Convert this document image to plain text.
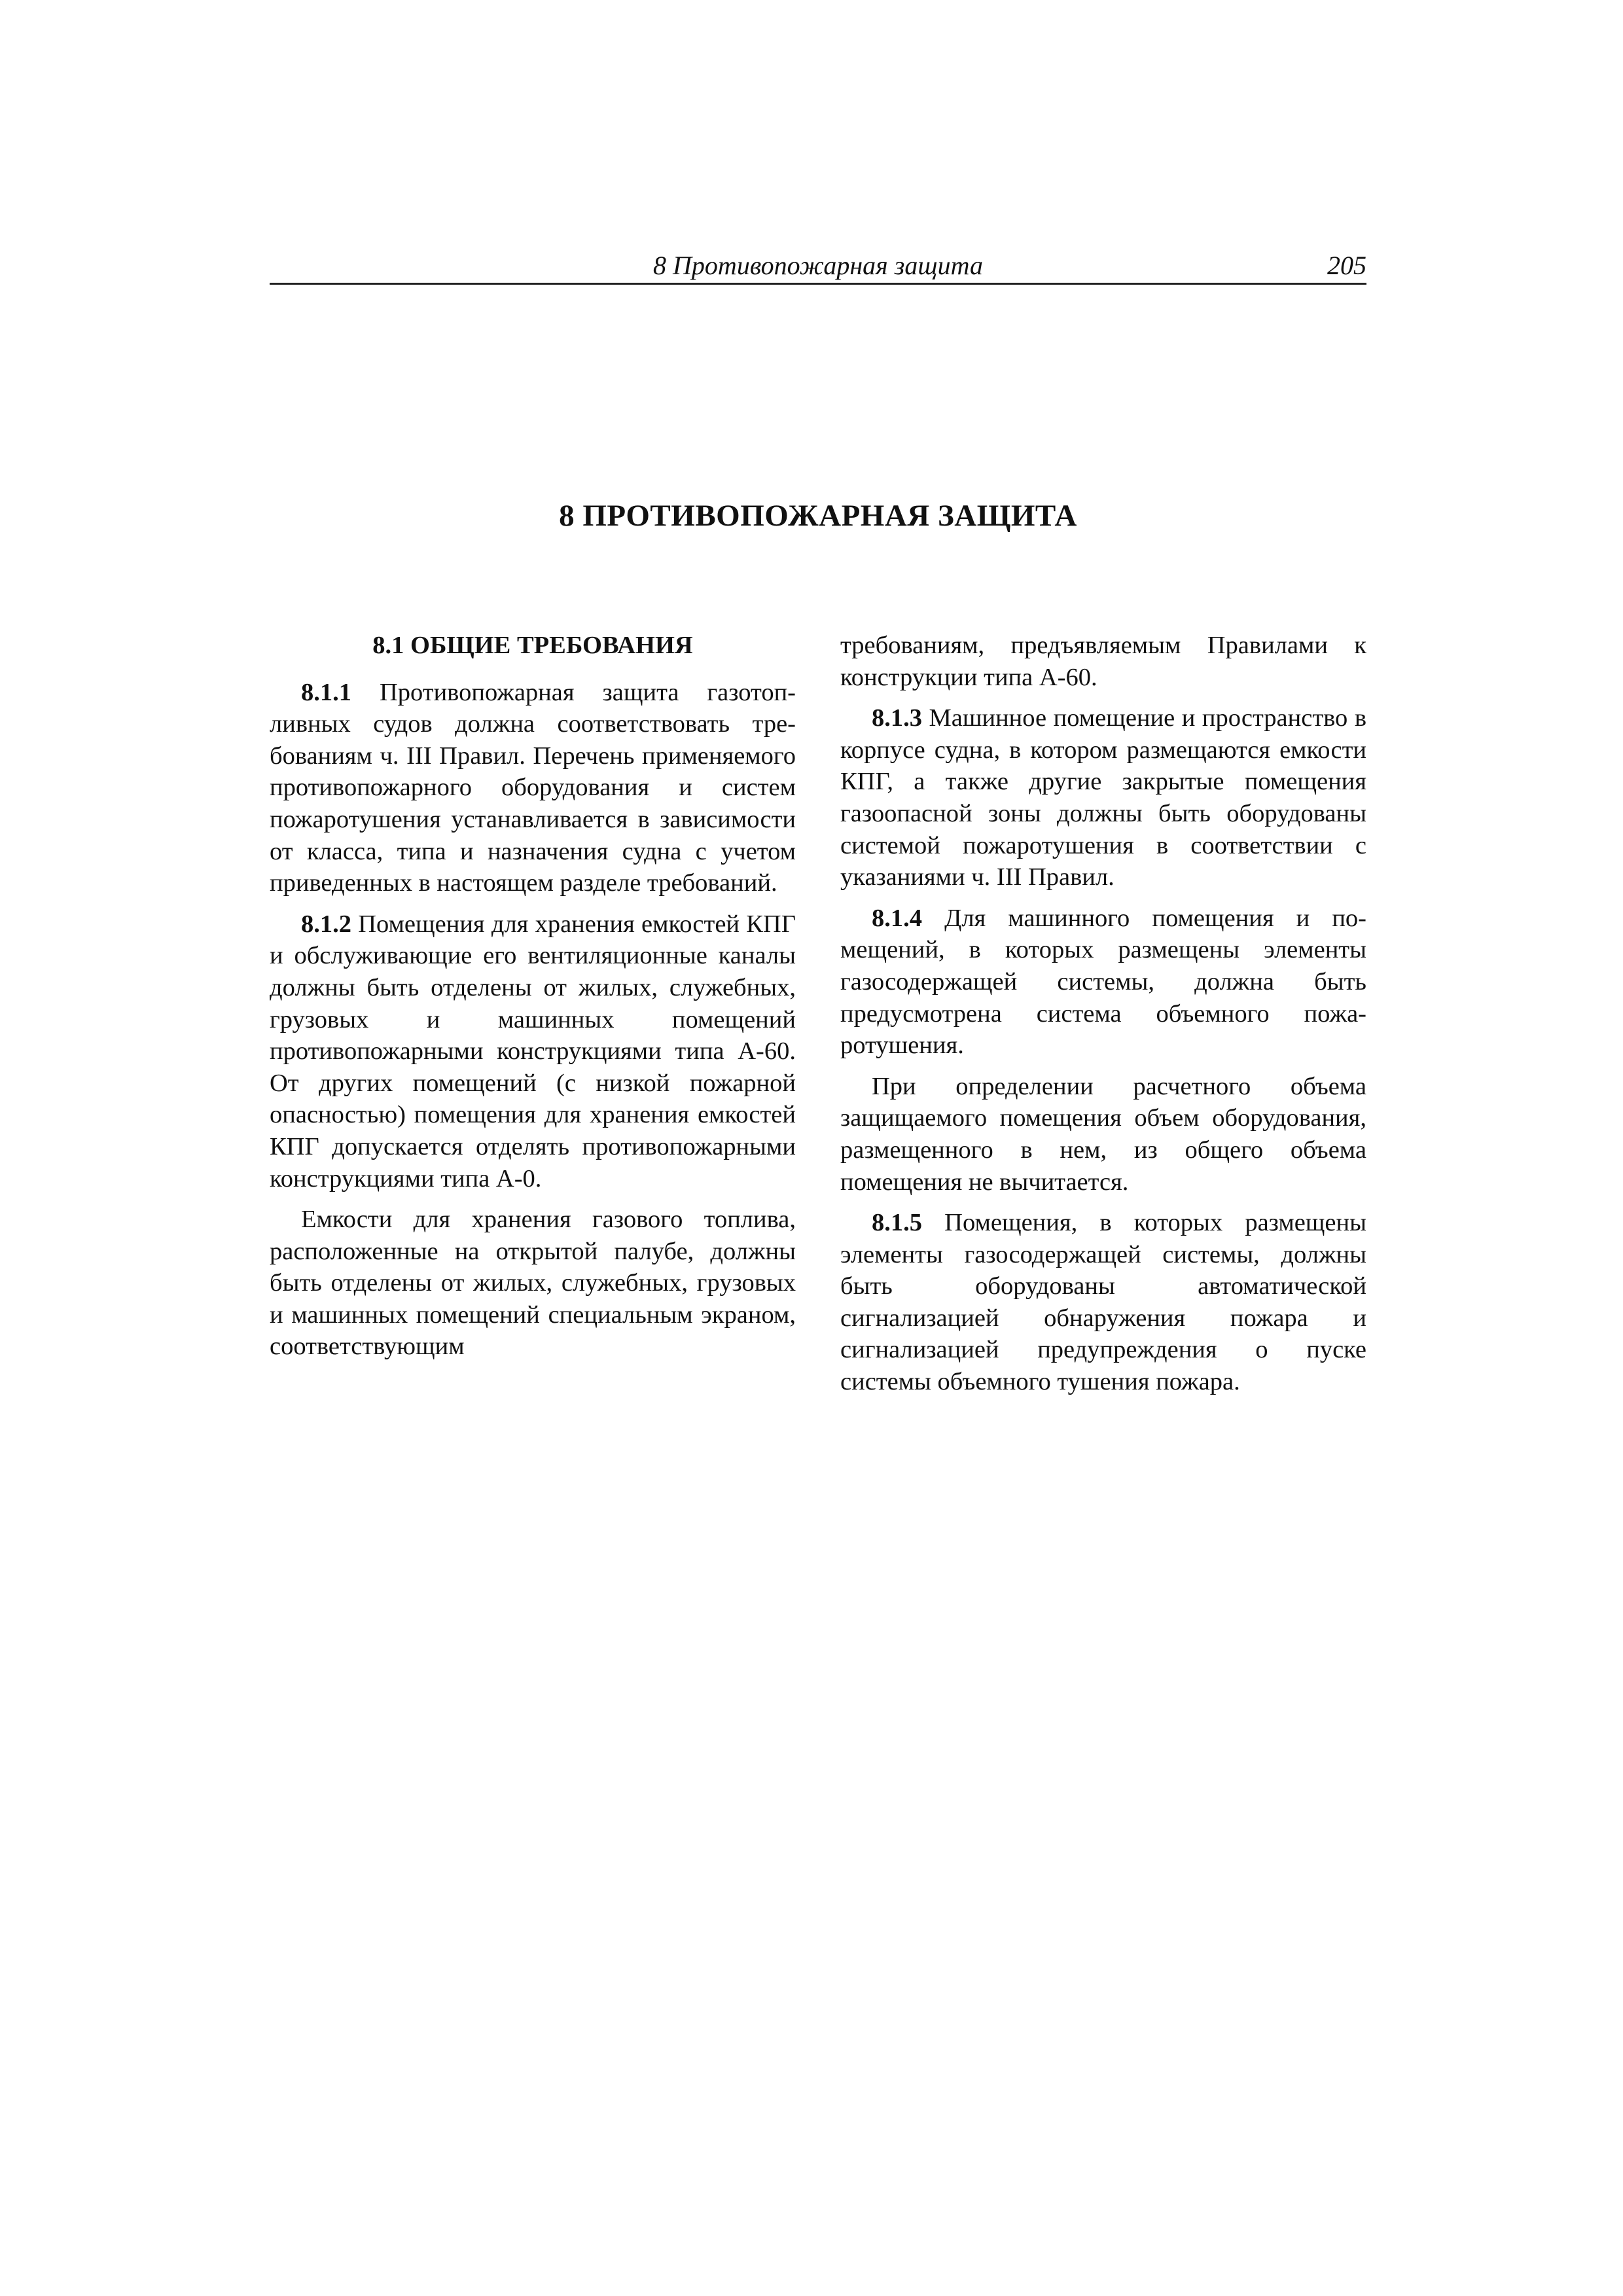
8 Противопожарная защита	205
8 ПРОТИВОПОЖАРНАЯ ЗАЩИТА
8.1 ОБЩИЕ ТРЕБОВАНИЯ

8.1.1 Противопожарная защита газотопливных судов должна соответствовать требованиям ч. III Правил. Перечень применяемого противопожарного оборудования и систем пожаротушения устанавливается в зависимости от класса, типа и назначения судна с учетом приведенных в настоящем разделе требований.

8.1.2 Помещения для хранения емкостей КПГ и обслуживающие его вентиляционные каналы должны быть отделены от жилых, служебных, грузовых и машинных помещений противопожарными конструкциями типа А-60. От других помещений (с низкой пожарной опасностью) помещения для хранения емкостей КПГ допускается отделять противопожарными конструкциями типа А-0.

Емкости для хранения газового топлива, расположенные на открытой палубе, должны быть отделены от жилых, служебных, грузовых и машинных помещений специальным экраном, соответствующим

требованиям, предъявляемым Правилами к конструкции типа А-60.

8.1.3 Машинное помещение и пространство в корпусе судна, в котором размещаются емкости КПГ, а также другие закрытые помещения газоопасной зоны должны быть оборудованы системой пожаротушения в соответствии с указаниями ч. III Правил.

8.1.4 Для машинного помещения и помещений, в которых размещены элементы газосодержащей системы, должна быть предусмотрена система объемного пожаротушения.

При определении расчетного объема защищаемого помещения объем оборудования, размещенного в нем, из общего объема помещения не вычитается.

8.1.5 Помещения, в которых размещены элементы газосодержащей системы, должны быть оборудованы автоматической сигнализацией обнаружения пожара и сигнализацией предупреждения о пуске системы объемного тушения пожара.
